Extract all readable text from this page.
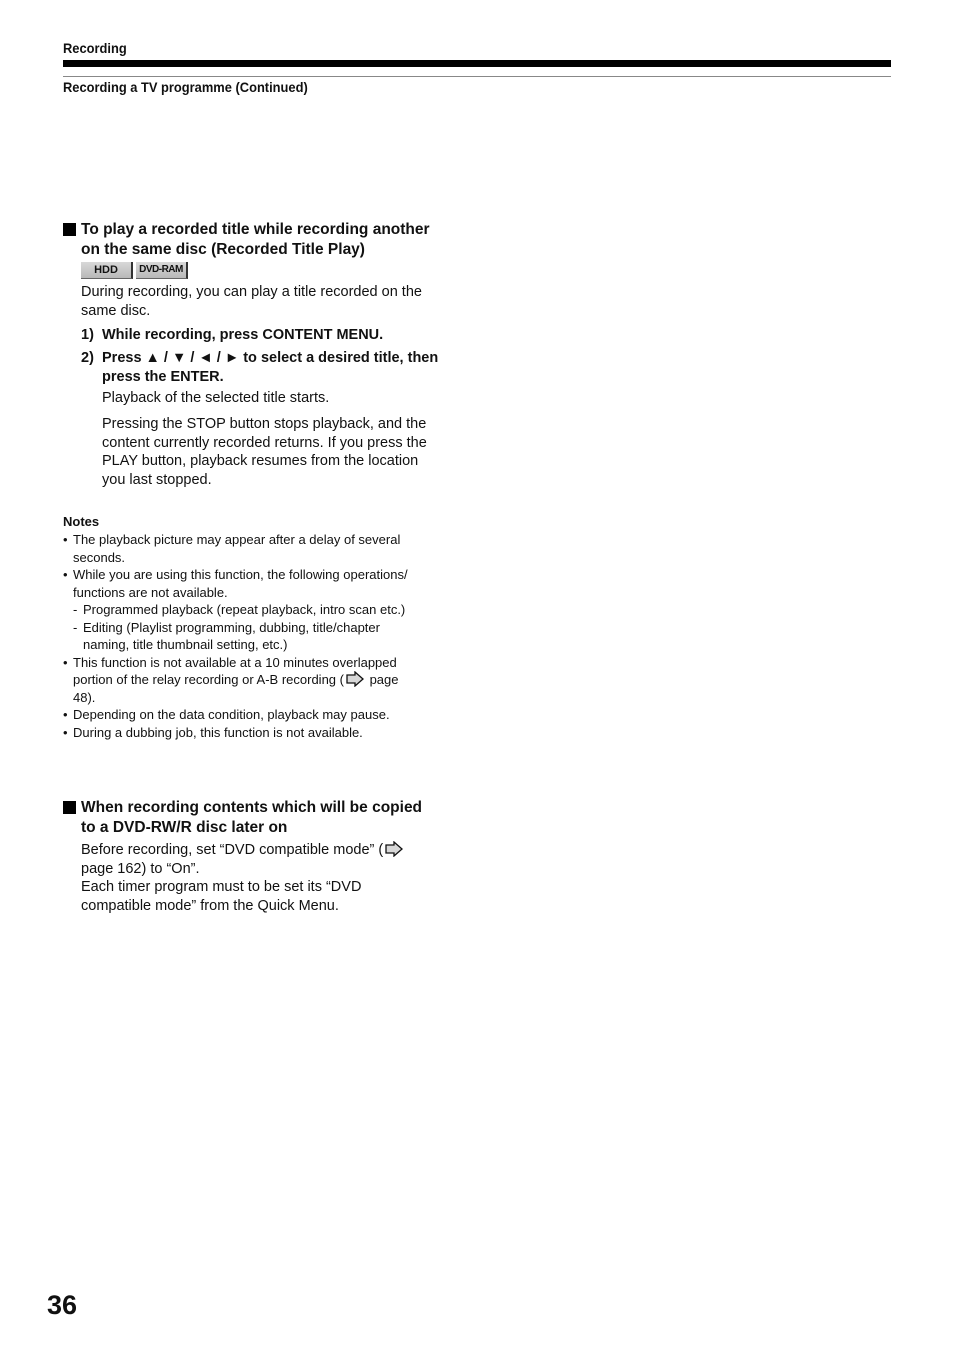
Recording
Recording a TV programme (Continued)
To play a recorded title while recording another
on the same disc (Recorded Title Play)
HDD DVD-RAM
During recording, you can play a title recorded on the
same disc.
1) While recording, press CONTENT MENU.
2) Press ▲ / ▼ / ◄ / ► to select a desired title, then
press the ENTER.
Playback of the selected title starts.
Pressing the STOP button stops playback, and the
content currently recorded returns. If you press the
PLAY button, playback resumes from the location
you last stopped.
Notes
• The playback picture may appear after a delay of several
seconds.
• While you are using this function, the following operations/
functions are not available.
- Programmed playback (repeat playback, intro scan etc.)
- Editing (Playlist programming, dubbing, title/chapter
naming, title thumbnail setting, etc.)
• This function is not available at a 10 minutes overlapped
portion of the relay recording or A-B recording ( page
48).
• Depending on the data condition, playback may pause.
• During a dubbing job, this function is not available.
When recording contents which will be copied
to a DVD-RW/R disc later on
Before recording, set “DVD compatible mode” (
page 162) to “On”.
Each timer program must to be set its “DVD
compatible mode” from the Quick Menu.
36
